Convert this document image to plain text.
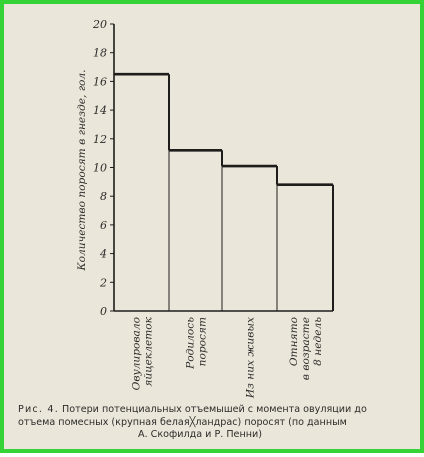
Количество поросят в гнезде, гол.
0
2
4
6
8
10
12
14
16
18
20
Овулировалояйцеклеток	Родилосьпоросят	Из них живых	Отнятов возрасте8 недель
Рис. 4. Потери потенциальных отъемышей с момента овуляции до
отъема помесных (крупная белая╳ландрас) поросят (по данным
А. Скофилда и Р. Пенни)
